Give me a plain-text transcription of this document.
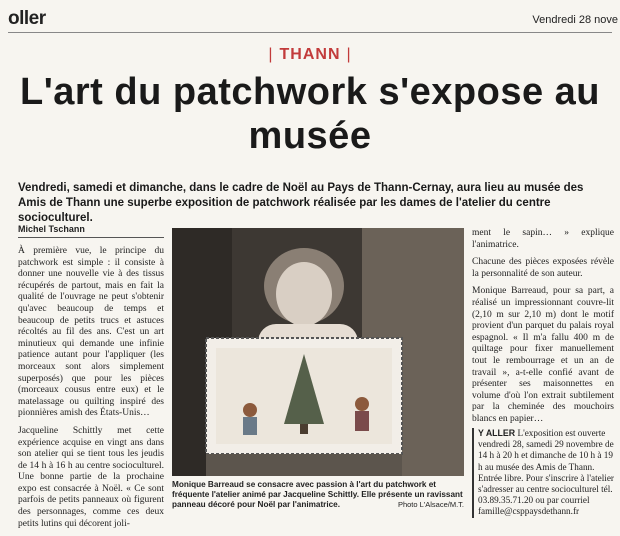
oller	Vendredi 28 nove
| THANN |
L'art du patchwork s'expose au musée

Vendredi, samedi et dimanche, dans le cadre de Noël au Pays de Thann-Cernay, aura lieu au musée des Amis de Thann une superbe exposition de patchwork réalisée par les dames de l'atelier du centre socioculturel.

Michel Tschann

À première vue, le principe du patchwork est simple : il consiste à donner une nouvelle vie à des tissus récupérés de partout, mais en fait la qualité de l'ouvrage ne peut s'obtenir qu'avec beaucoup de temps et beaucoup de petits trucs et astuces récoltés au fil des ans. C'est un art minutieux qui demande une infinie patience autant pour l'appliquer (les morceaux sont alors simplement superposés) que pour les pièces (morceaux cousus entre eux) et le matelassage ou quilting inspiré des pionnières amish des États-Unis…

Jacqueline Schittly met cette expérience acquise en vingt ans dans son atelier qui se tient tous les jeudis de 14 h à 16 h au centre socioculturel. Une bonne partie de la prochaine expo est consacrée à Noël. « Ce sont parfois de petits panneaux où figurent des personnages, comme ces deux petits lutins qui décorent joli-

Monique Barreaud se consacre avec passion à l'art du patchwork et fréquente l'atelier animé par Jacqueline Schittly. Elle présente un ravissant panneau décoré pour Noël par l'animatrice.	Photo L'Alsace/M.T.

ment le sapin… » explique l'animatrice.

Chacune des pièces exposées révèle la personnalité de son auteur.

Monique Barreaud, pour sa part, a réalisé un impressionnant couvre-lit (2,10 m sur 2,10 m) dont le motif provient d'un parquet du palais royal espagnol. « Il m'a fallu 400 m de quiltage pour fixer manuellement tout le rembourrage et un an de travail », a-t-elle confié avant de présenter ses maisonnettes en volume d'où l'on extrait subtilement par la cheminée des mouchoirs blancs en papier…

Y ALLER L'exposition est ouverte vendredi 28, samedi 29 novembre de 14 h à 20 h et dimanche de 10 h à 19 h au musée des Amis de Thann. Entrée libre. Pour s'inscrire à l'atelier s'adresser au centre socioculturel tél. 03.89.35.71.20 ou par courriel famille@csppaysdethann.fr
